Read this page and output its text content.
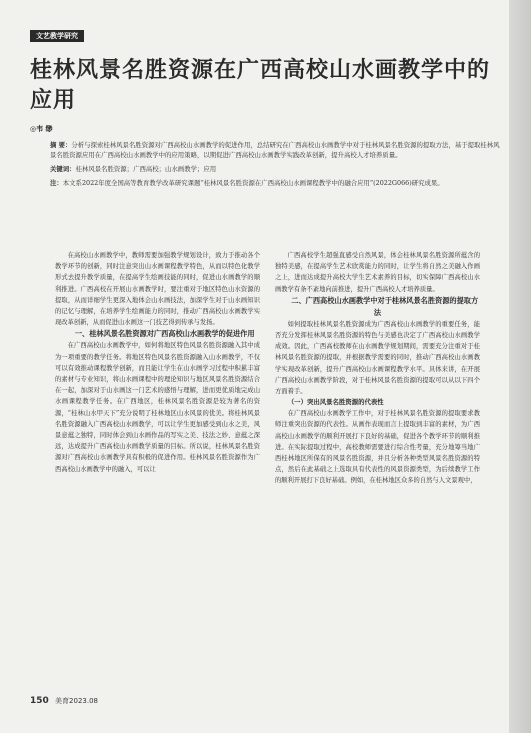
文艺教学研究
桂林风景名胜资源在广西高校山水画教学中的应用
◎韦 缈

摘 要：分析与探索桂林风景名胜资源对广西高校山水画教学的促进作用，总结研究在广西高校山水画教学中对于桂林风景名胜资源的提取方法，基于提取桂林风景名胜资源应用在广西高校山水画教学中的应用策略，以期促进广西高校山水画教学实践改革创新，提升高校人才培养质量。

关键词：桂林风景名胜资源；广西高校；山水画教学；应用

注：本文系2022年度全国高等教育教学改革研究课题“桂林风景名胜资源在广西高校山水画课程教学中的融合应用”(2022G066)研究成果。

在高校山水画教学中，教师需要加强教学规划设计，致力于推动各个教学环节的创新，同时注意突出山水画课程教学特色，从而以特色化教学形式去提升教学质量，在提高学生绘画技能的同时，促进山水画教学的顺利推进。广西高校在开展山水画教学时，要注重对于地区特色山水资源的提取，从而详细学生更深入地体会山水画技法，加深学生对于山水画知识的记忆与理解，在培养学生绘画能力的同时，推动广西高校山水画教学实现改革创新，从而促进山水画这一门技艺得到传承与发扬。

一、桂林风景名胜资源对广西高校山水画教学的促进作用

在广西高校山水画教学中，如何将地区特色风景名胜资源融入其中成为一项重要的教学任务。将地区特色风景名胜资源融入山水画教学，不仅可以有效推动课程教学创新，而且能让学生在山水画学习过程中积累丰富的素材与专业知识，将山水画课程中的理论知识与地区风景名胜资源结合在一起，加深对于山水画这一门艺术的感悟与理解，进而更优质地完成山水画课程教学任务。在广西地区，桂林风景名胜资源是较为著名的资源，“桂林山水甲天下”充分说明了桂林地区山水风景的优美。将桂林风景名胜资源融入广西高校山水画教学，可以让学生更加感受到山水之美，风景意蕴之独特，同时体会到山水画作品的写实之美、技法之妙、意蕴之深远，达成提升广西高校山水画教学质量的目标。所以说，桂林风景名胜资源对广西高校山水画教学具有积极的促进作用。桂林风景名胜资源作为广西高校山水画教学中的融入，可以让

广西高校学生超强直感受自然风景，体会桂林风景名胜资源所蕴含的独特美感，在提高学生艺术欣赏能力的同时，让学生将自然之美融入作画之上，进而达成提升高校大学生艺术素养的目标，切实保障广西高校山水画教学有条不紊地向前推进，提升广西高校人才培养质量。

二、广西高校山水画教学中对于桂林风景名胜资源的提取方法

如何提取桂林风景名胜资源成为广西高校山水画教学的重要任务，能否充分发挥桂林风景名胜资源的特色与美感也决定了广西高校山水画教学成效。因此，广西高校教师在山水画教学规划期间，需要充分注重对于桂林风景名胜资源的提取，并根据教学需要的同时，推动广西高校山水画教学实现改革创新，提升广西高校山水画课程教学水平。具体来讲，在开展广西高校山水画教学阶段，对于桂林风景名胜资源的提取可以从以下四个方面着手。

（一）突出风景名胜资源的代表性

在广西高校山水画教学工作中，对于桂林风景名胜资源的提取要求教师注重突出资源的代表性。从画作表现而言上提取到丰富的素材，为广西高校山水画教学的顺利开展打下良好的基础，促进各个教学环节的顺利推进。在实际提取过程中，高校教师需要进行综合性考量，充分地筹当地广西桂林地区所保有的风景名胜资源，并且分析各种类型风景名胜资源的特点，然后在此基础之上选取具有代表性的风景资源类型，为后续教学工作的顺利开展打下良好基础。例如，在桂林地区众多的自然与人文景观中，

150 美育2023.08
